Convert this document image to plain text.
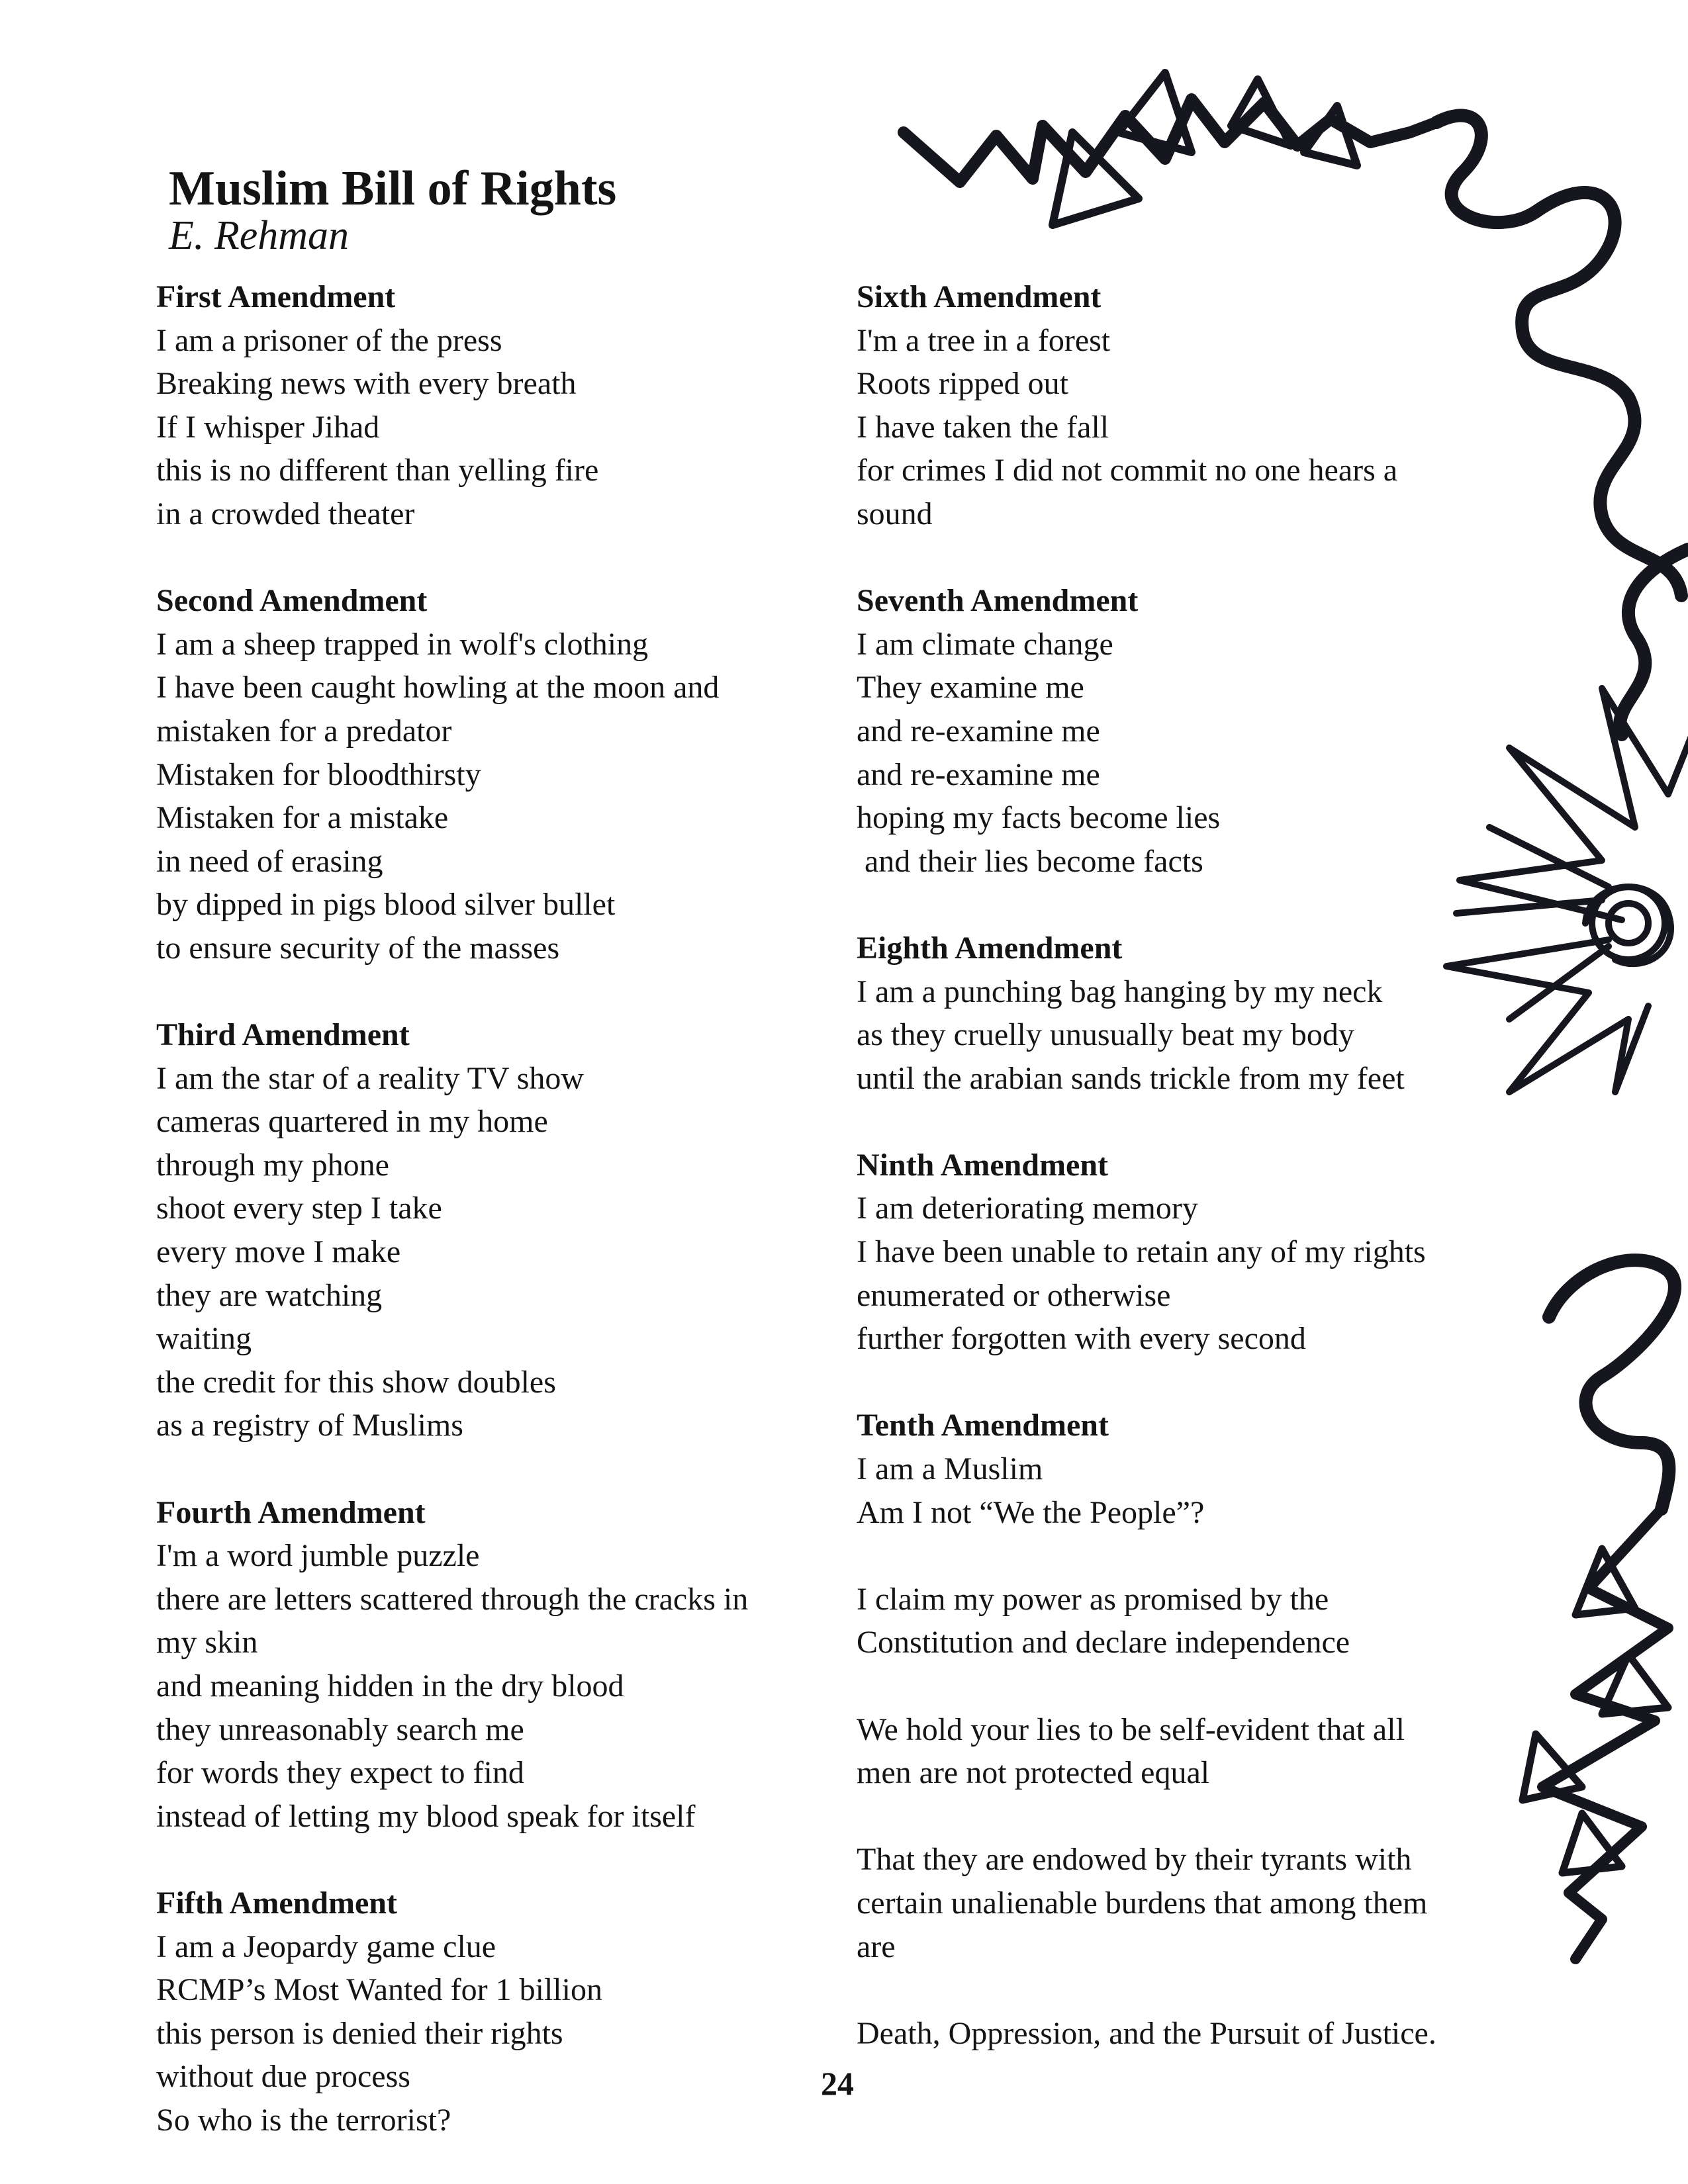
Muslim Bill of Rights
E. Rehman
First Amendment
I am a prisoner of the press
Breaking news with every breath
If I whisper Jihad
this is no different than yelling fire
in a crowded theater
Second Amendment
I am a sheep trapped in wolf's clothing
I have been caught howling at the moon and
mistaken for a predator
Mistaken for bloodthirsty
Mistaken for a mistake
in need of erasing
by dipped in pigs blood silver bullet
to ensure security of the masses
Third Amendment
I am the star of a reality TV show
cameras quartered in my home
through my phone
shoot every step I take
every move I make
they are watching
waiting
the credit for this show doubles
as a registry of Muslims
Fourth Amendment
I'm a word jumble puzzle
there are letters scattered through the cracks in
my skin
and meaning hidden in the dry blood
they unreasonably search me
for words they expect to find
instead of letting my blood speak for itself
Fifth Amendment
I am a Jeopardy game clue
RCMP’s Most Wanted for 1 billion
this person is denied their rights
without due process
So who is the terrorist?
Sixth Amendment
I'm a tree in a forest
Roots ripped out
I have taken the fall
for crimes I did not commit no one hears a
sound
Seventh Amendment
I am climate change
They examine me
and re-examine me
and re-examine me
hoping my facts become lies
and their lies become facts
Eighth Amendment
I am a punching bag hanging by my neck
as they cruelly unusually beat my body
until the arabian sands trickle from my feet
Ninth Amendment
I am deteriorating memory
I have been unable to retain any of my rights
enumerated or otherwise
further forgotten with every second
Tenth Amendment
I am a Muslim
Am I not “We the People”?
I claim my power as promised by the
Constitution and declare independence
We hold your lies to be self-evident that all
men are not protected equal
That they are endowed by their tyrants with
certain unalienable burdens that among them
are
Death, Oppression, and the Pursuit of Justice.
24
